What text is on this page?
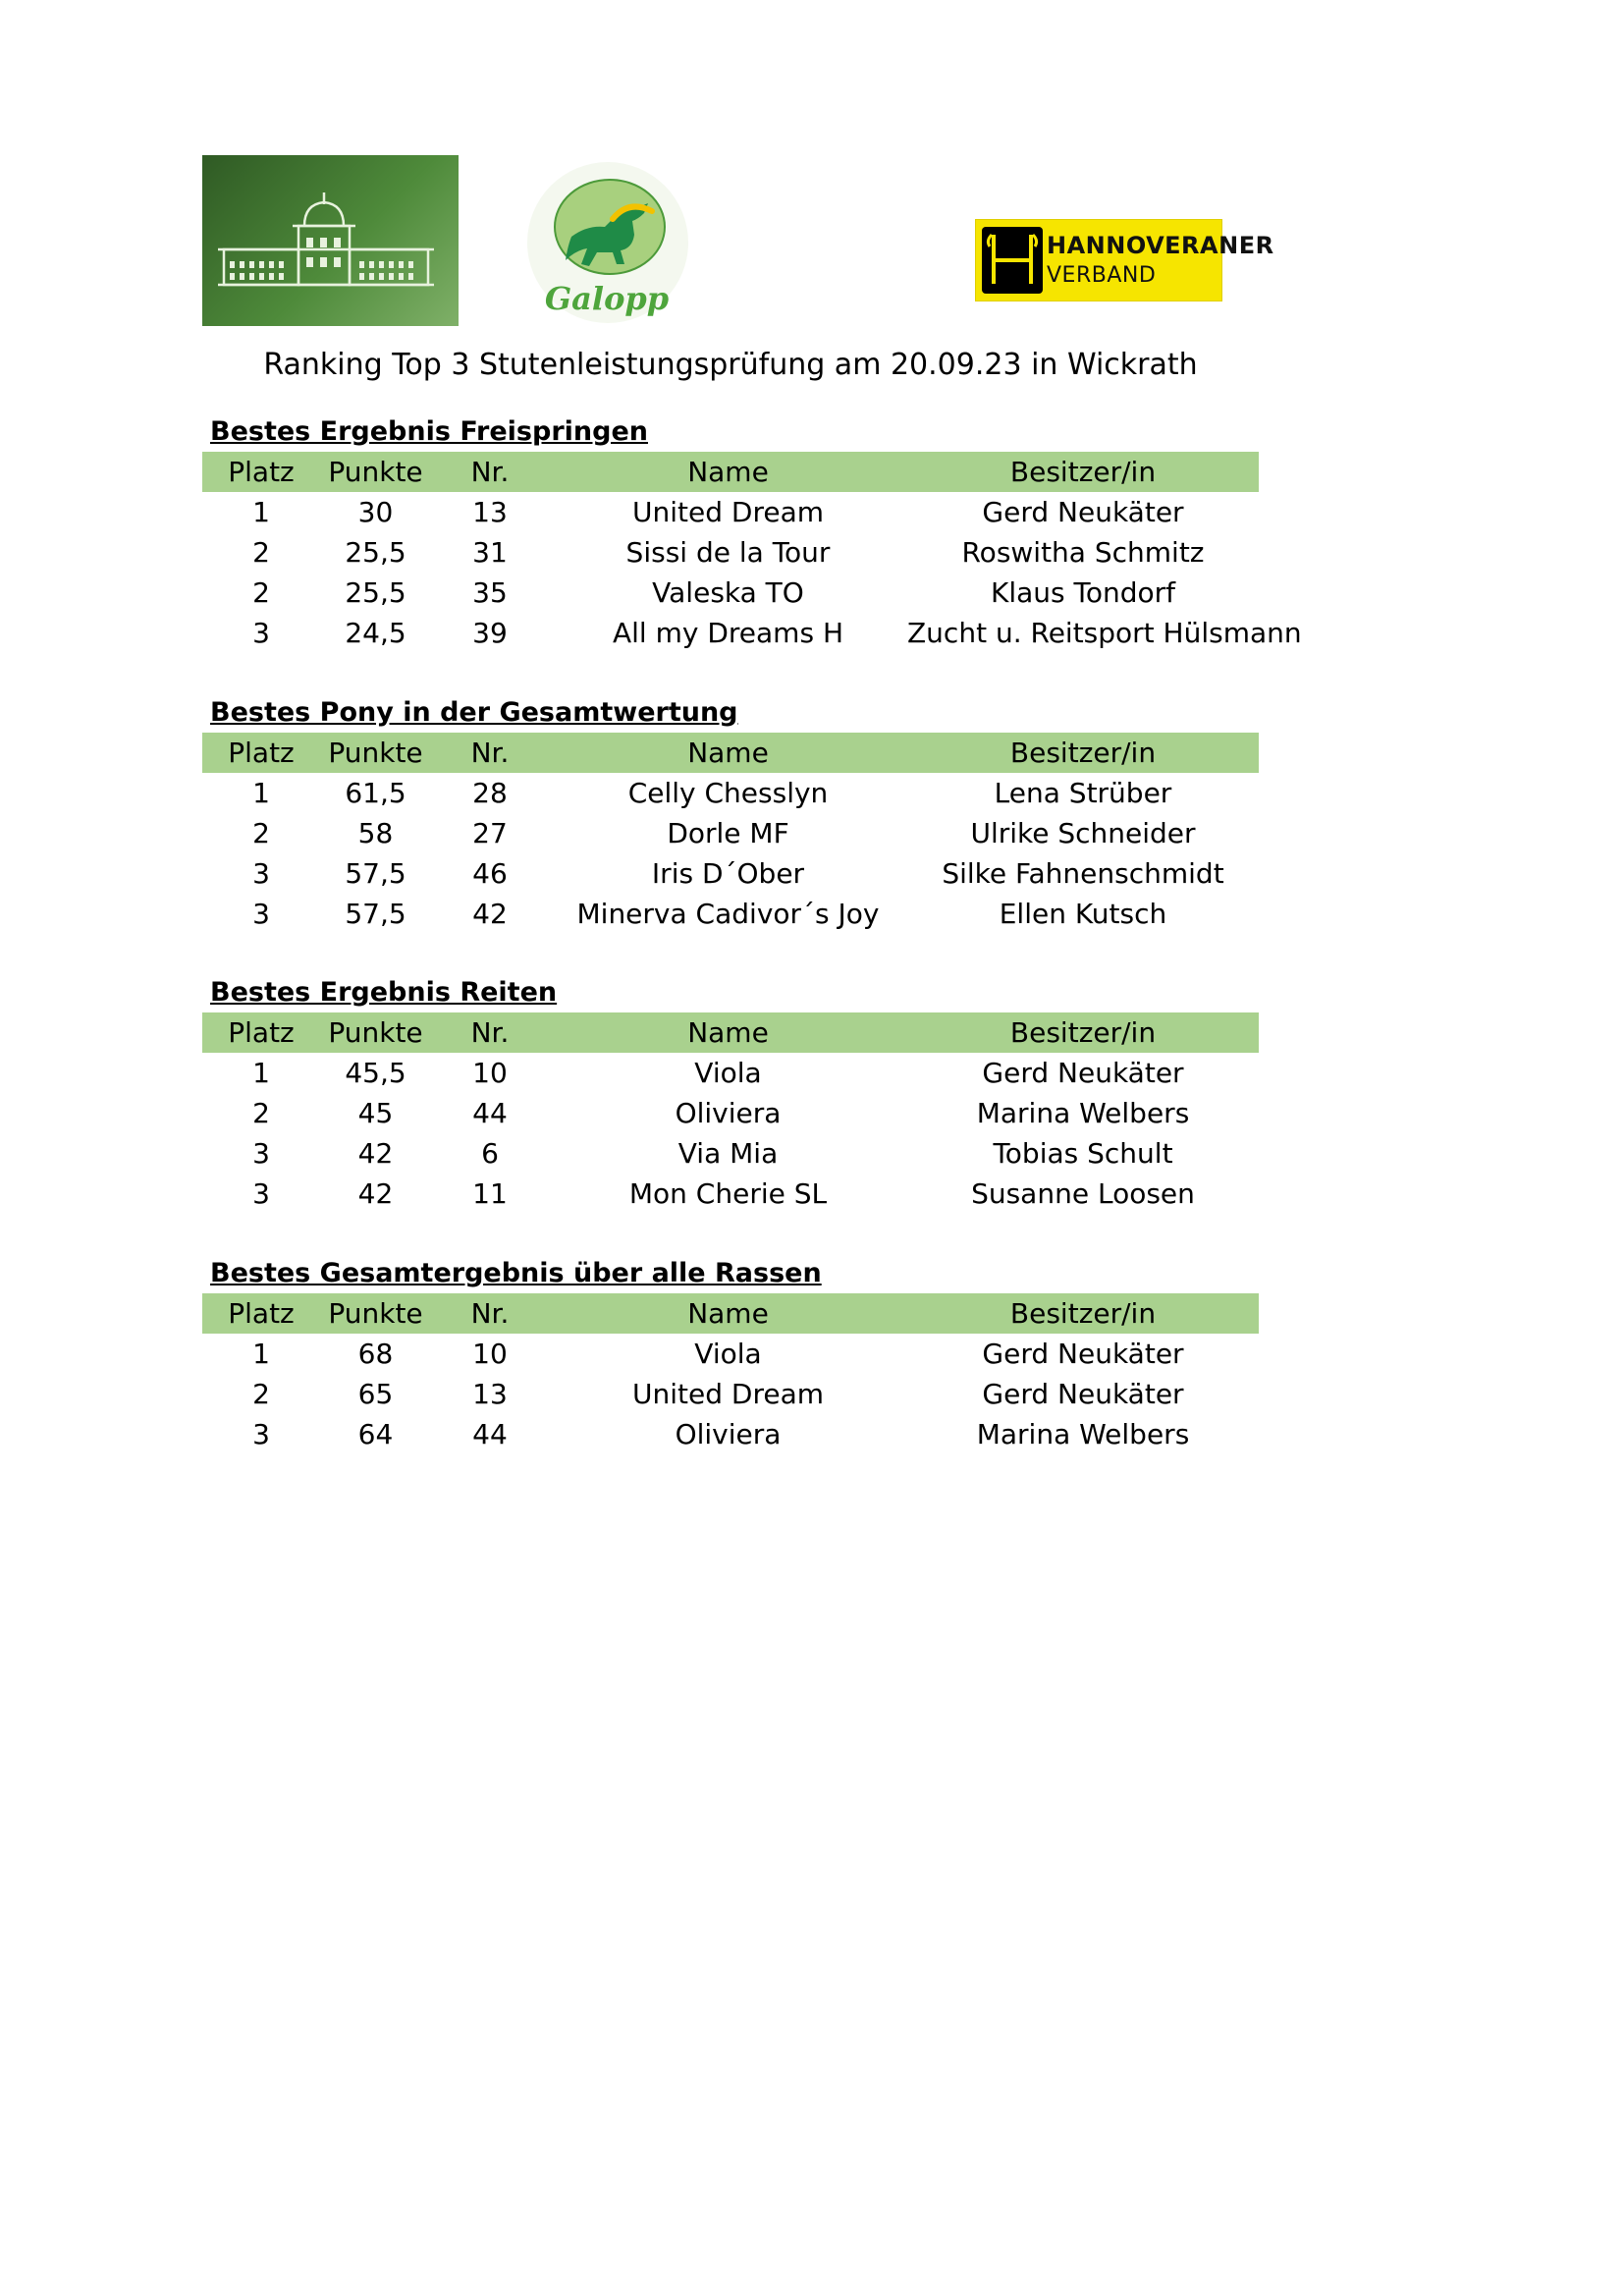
Galopp
HANNOVERANER
VERBAND
Ranking Top 3 Stutenleistungsprüfung am 20.09.23 in Wickrath
Bestes Ergebnis Freispringen
Platz	Punkte	Nr.	Name	Besitzer/in
1	30	13	United Dream	Gerd Neukäter
2	25,5	31	Sissi de la Tour	Roswitha Schmitz
2	25,5	35	Valeska TO	Klaus Tondorf
3	24,5	39	All my Dreams H	Zucht u. Reitsport Hülsmann
Bestes Pony in der Gesamtwertung
Platz	Punkte	Nr.	Name	Besitzer/in
1	61,5	28	Celly Chesslyn	Lena Strüber
2	58	27	Dorle MF	Ulrike Schneider
3	57,5	46	Iris D´Ober	Silke Fahnenschmidt
3	57,5	42	Minerva Cadivor´s Joy	Ellen Kutsch
Bestes Ergebnis Reiten
Platz	Punkte	Nr.	Name	Besitzer/in
1	45,5	10	Viola	Gerd Neukäter
2	45	44	Oliviera	Marina Welbers
3	42	6	Via Mia	Tobias Schult
3	42	11	Mon Cherie SL	Susanne Loosen
Bestes Gesamtergebnis über alle Rassen
Platz	Punkte	Nr.	Name	Besitzer/in
1	68	10	Viola	Gerd Neukäter
2	65	13	United Dream	Gerd Neukäter
3	64	44	Oliviera	Marina Welbers
